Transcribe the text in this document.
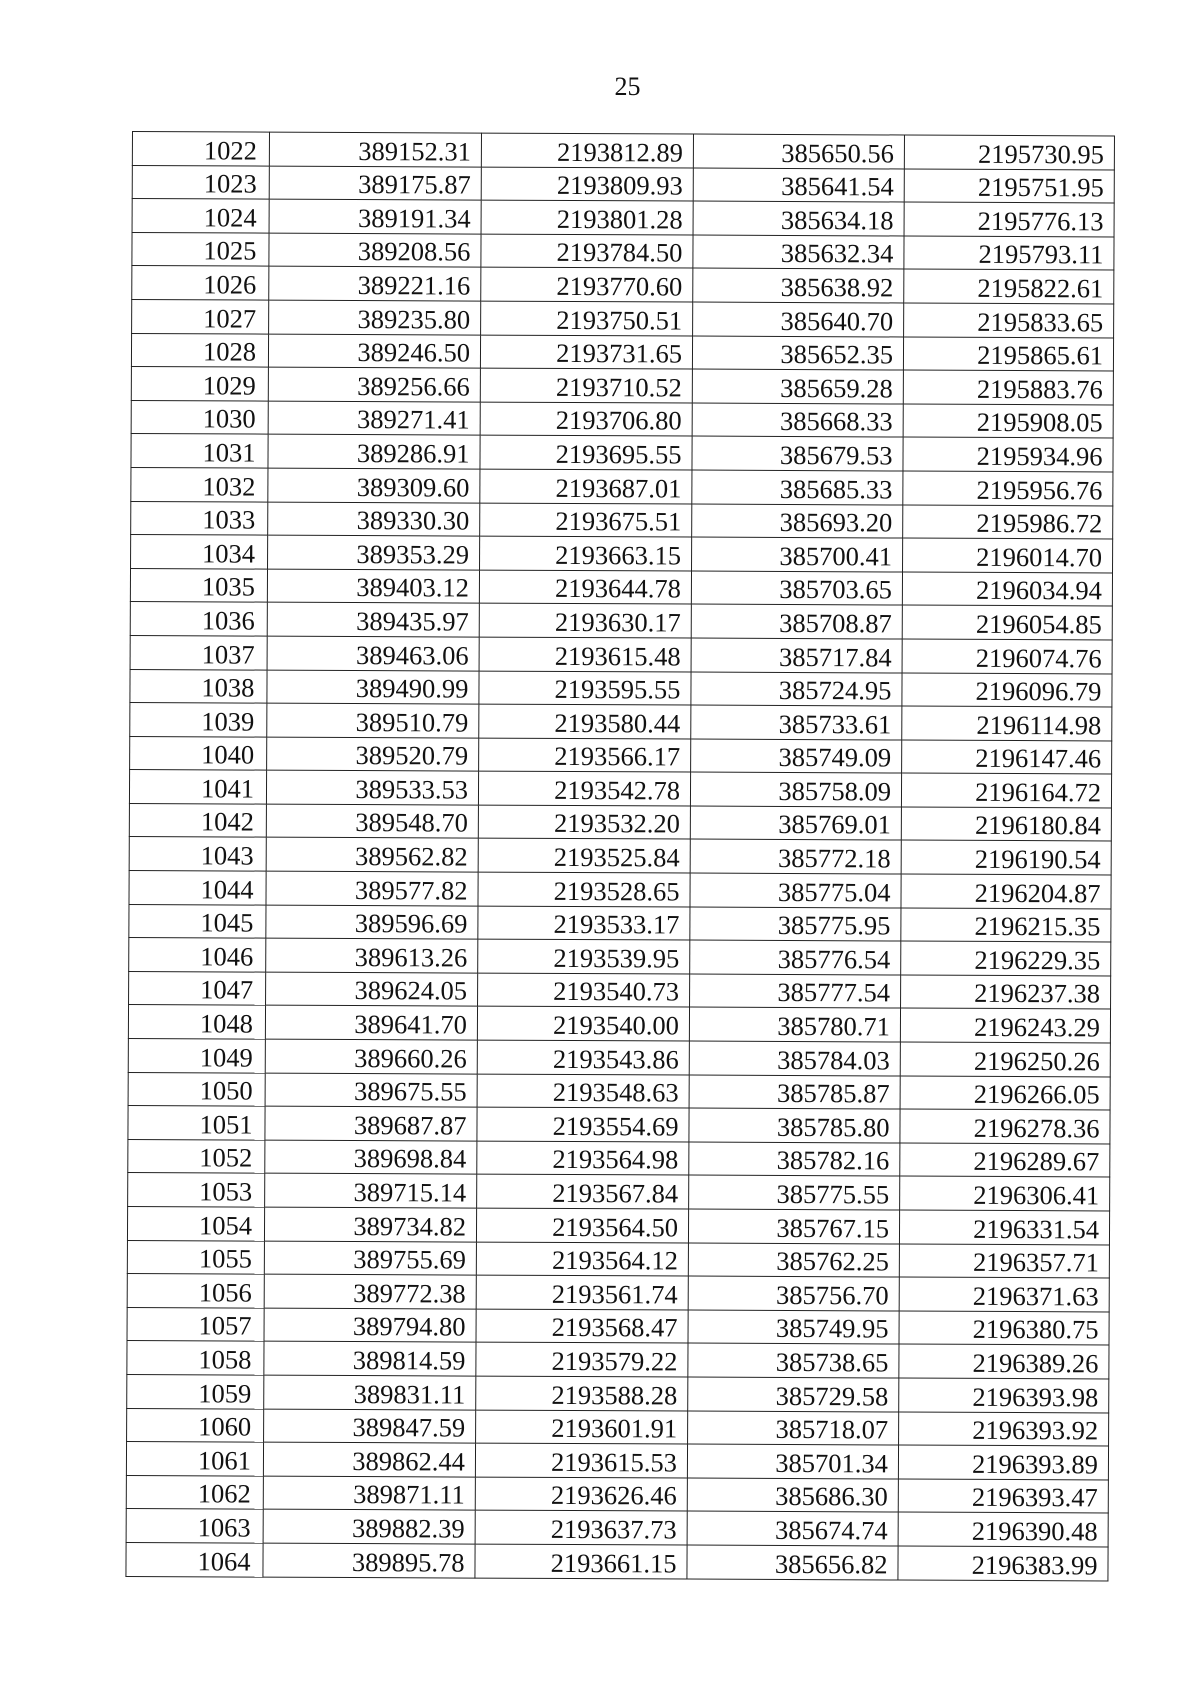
25
1022	389152.31	2193812.89	385650.56	2195730.95
1023	389175.87	2193809.93	385641.54	2195751.95
1024	389191.34	2193801.28	385634.18	2195776.13
1025	389208.56	2193784.50	385632.34	2195793.11
1026	389221.16	2193770.60	385638.92	2195822.61
1027	389235.80	2193750.51	385640.70	2195833.65
1028	389246.50	2193731.65	385652.35	2195865.61
1029	389256.66	2193710.52	385659.28	2195883.76
1030	389271.41	2193706.80	385668.33	2195908.05
1031	389286.91	2193695.55	385679.53	2195934.96
1032	389309.60	2193687.01	385685.33	2195956.76
1033	389330.30	2193675.51	385693.20	2195986.72
1034	389353.29	2193663.15	385700.41	2196014.70
1035	389403.12	2193644.78	385703.65	2196034.94
1036	389435.97	2193630.17	385708.87	2196054.85
1037	389463.06	2193615.48	385717.84	2196074.76
1038	389490.99	2193595.55	385724.95	2196096.79
1039	389510.79	2193580.44	385733.61	2196114.98
1040	389520.79	2193566.17	385749.09	2196147.46
1041	389533.53	2193542.78	385758.09	2196164.72
1042	389548.70	2193532.20	385769.01	2196180.84
1043	389562.82	2193525.84	385772.18	2196190.54
1044	389577.82	2193528.65	385775.04	2196204.87
1045	389596.69	2193533.17	385775.95	2196215.35
1046	389613.26	2193539.95	385776.54	2196229.35
1047	389624.05	2193540.73	385777.54	2196237.38
1048	389641.70	2193540.00	385780.71	2196243.29
1049	389660.26	2193543.86	385784.03	2196250.26
1050	389675.55	2193548.63	385785.87	2196266.05
1051	389687.87	2193554.69	385785.80	2196278.36
1052	389698.84	2193564.98	385782.16	2196289.67
1053	389715.14	2193567.84	385775.55	2196306.41
1054	389734.82	2193564.50	385767.15	2196331.54
1055	389755.69	2193564.12	385762.25	2196357.71
1056	389772.38	2193561.74	385756.70	2196371.63
1057	389794.80	2193568.47	385749.95	2196380.75
1058	389814.59	2193579.22	385738.65	2196389.26
1059	389831.11	2193588.28	385729.58	2196393.98
1060	389847.59	2193601.91	385718.07	2196393.92
1061	389862.44	2193615.53	385701.34	2196393.89
1062	389871.11	2193626.46	385686.30	2196393.47
1063	389882.39	2193637.73	385674.74	2196390.48
1064	389895.78	2193661.15	385656.82	2196383.99
